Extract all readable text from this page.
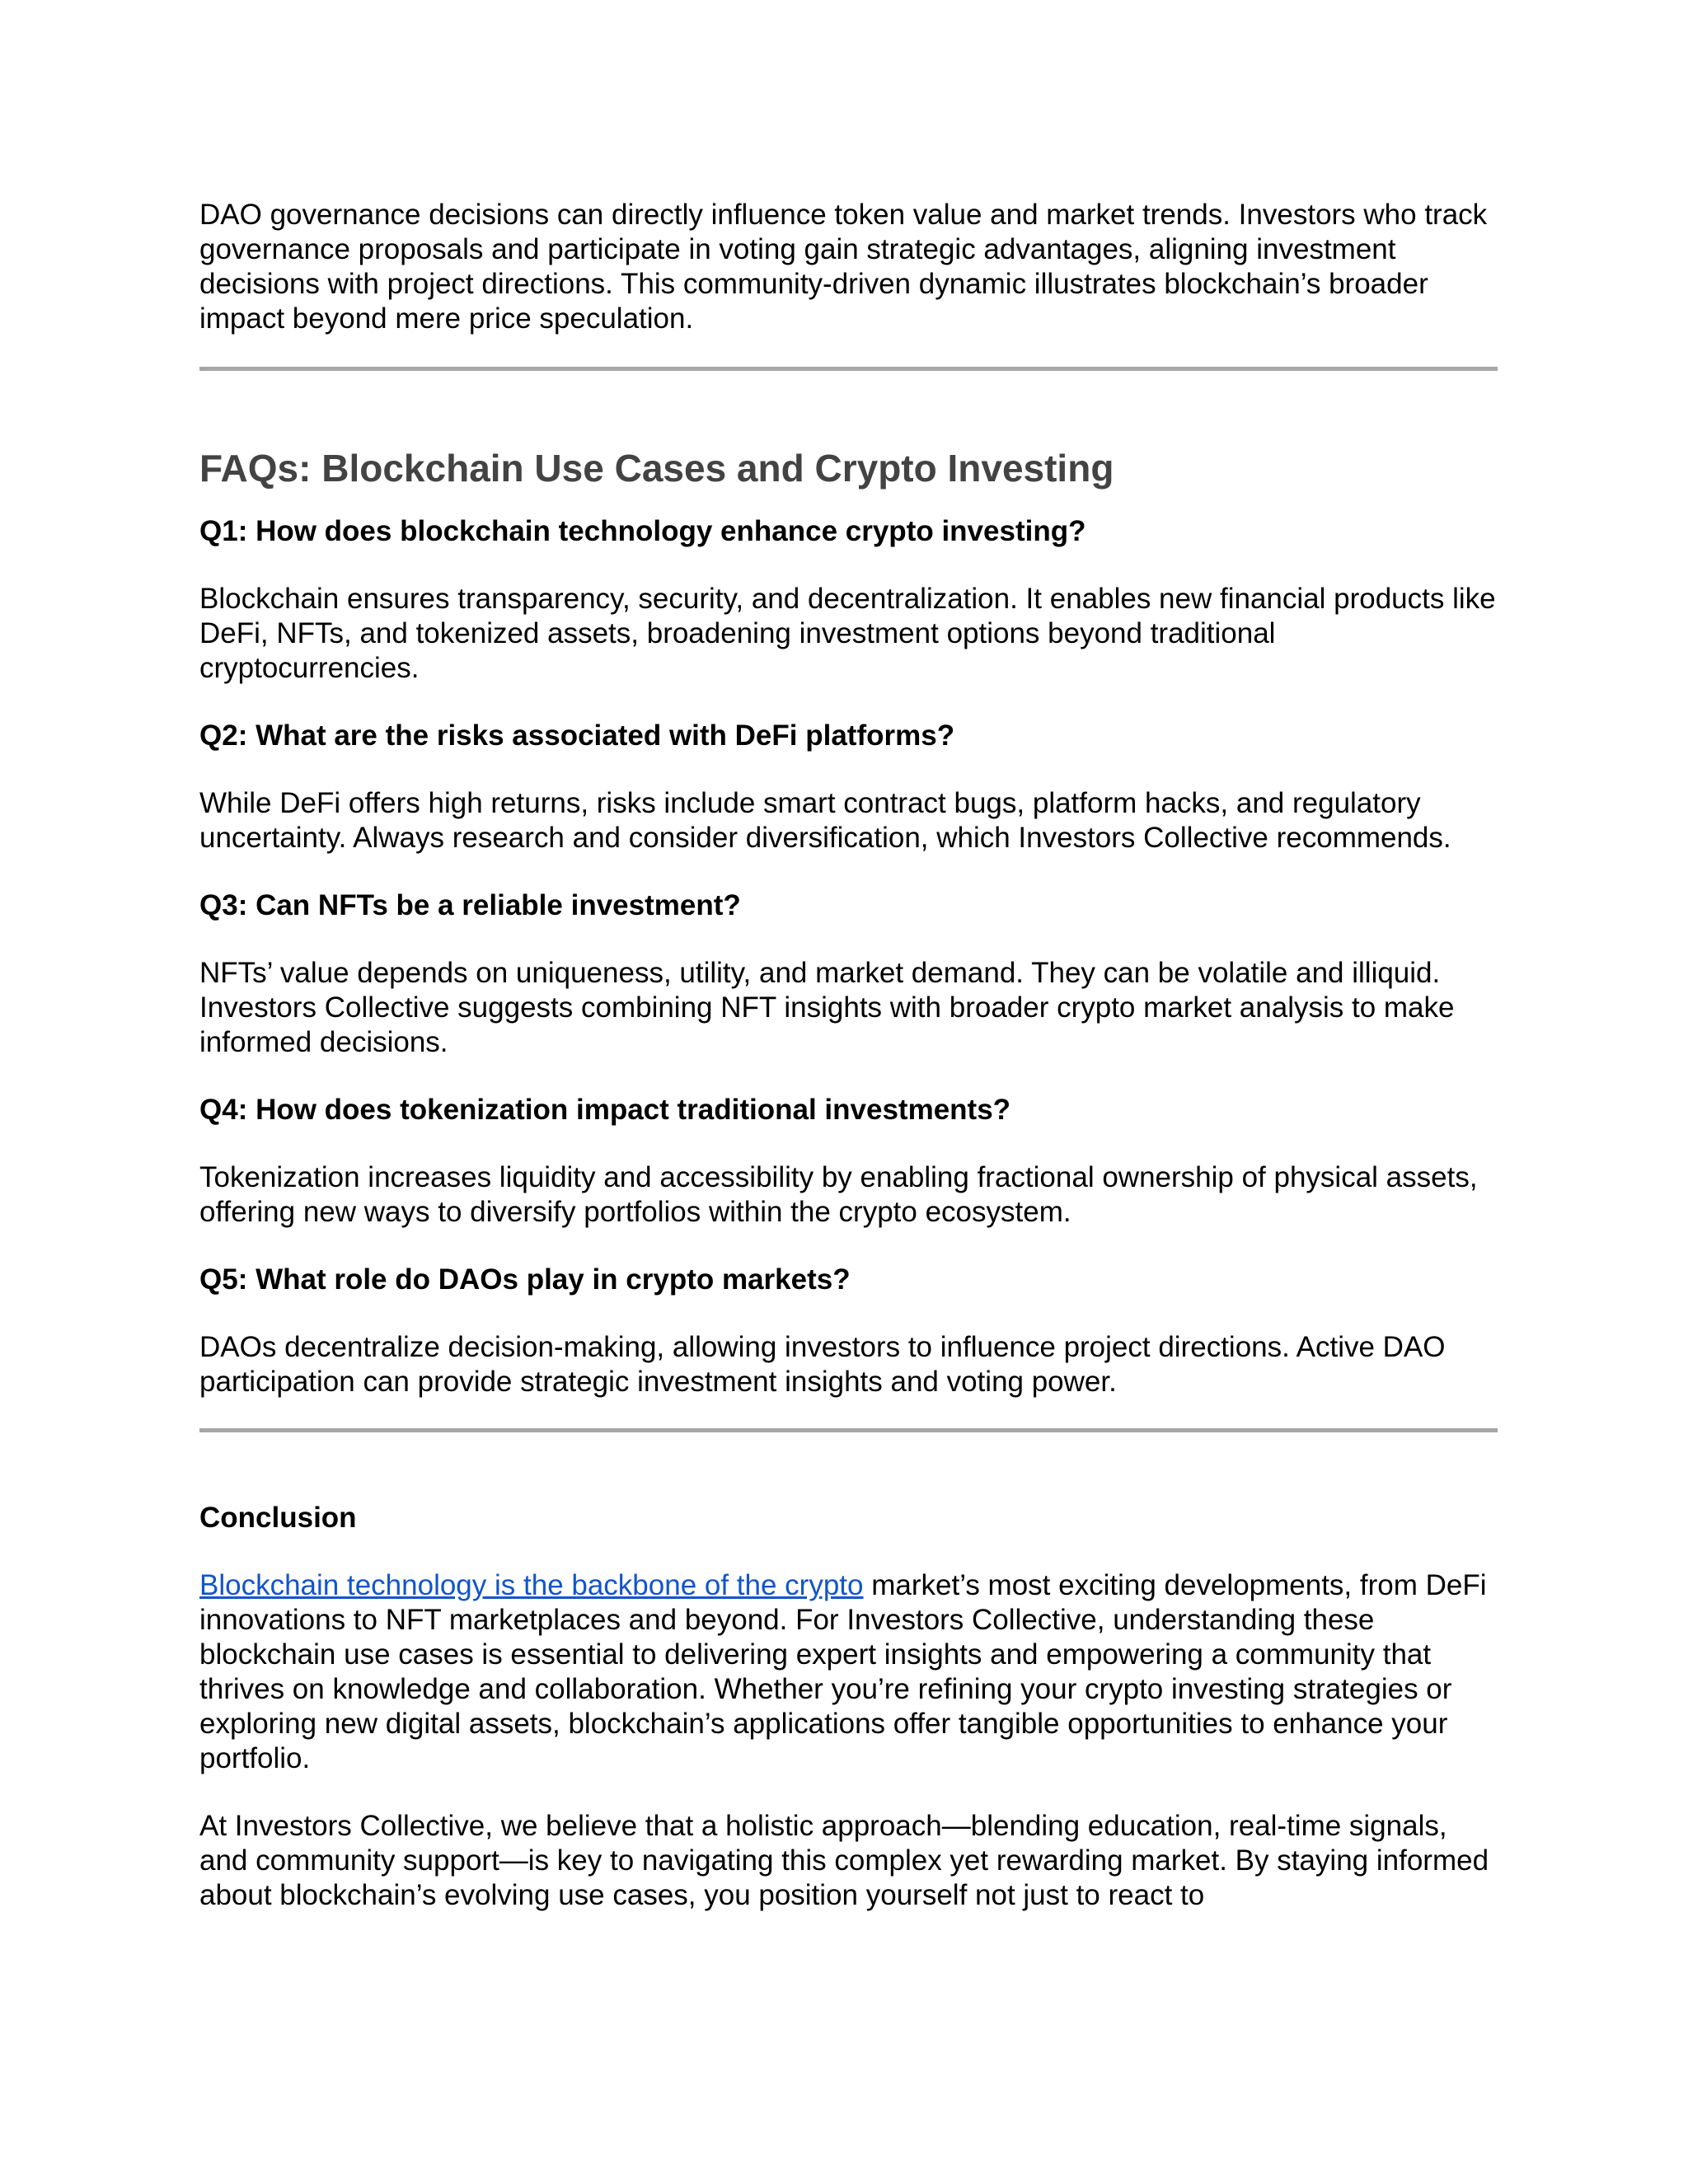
DAO governance decisions can directly influence token value and market trends. Investors who track governance proposals and participate in voting gain strategic advantages, aligning investment decisions with project directions. This community-driven dynamic illustrates blockchain’s broader impact beyond mere price speculation.

FAQs: Blockchain Use Cases and Crypto Investing
Q1: How does blockchain technology enhance crypto investing?

Blockchain ensures transparency, security, and decentralization. It enables new financial products like DeFi, NFTs, and tokenized assets, broadening investment options beyond traditional cryptocurrencies.

Q2: What are the risks associated with DeFi platforms?

While DeFi offers high returns, risks include smart contract bugs, platform hacks, and regulatory uncertainty. Always research and consider diversification, which Investors Collective recommends.

Q3: Can NFTs be a reliable investment?

NFTs’ value depends on uniqueness, utility, and market demand. They can be volatile and illiquid. Investors Collective suggests combining NFT insights with broader crypto market analysis to make informed decisions.

Q4: How does tokenization impact traditional investments?

Tokenization increases liquidity and accessibility by enabling fractional ownership of physical assets, offering new ways to diversify portfolios within the crypto ecosystem.

Q5: What role do DAOs play in crypto markets?

DAOs decentralize decision-making, allowing investors to influence project directions. Active DAO participation can provide strategic investment insights and voting power.

Conclusion

Blockchain technology is the backbone of the crypto market’s most exciting developments, from DeFi innovations to NFT marketplaces and beyond. For Investors Collective, understanding these blockchain use cases is essential to delivering expert insights and empowering a community that thrives on knowledge and collaboration. Whether you’re refining your crypto investing strategies or exploring new digital assets, blockchain’s applications offer tangible opportunities to enhance your portfolio.

At Investors Collective, we believe that a holistic approach—blending education, real-time signals, and community support—is key to navigating this complex yet rewarding market. By staying informed about blockchain’s evolving use cases, you position yourself not just to react to
